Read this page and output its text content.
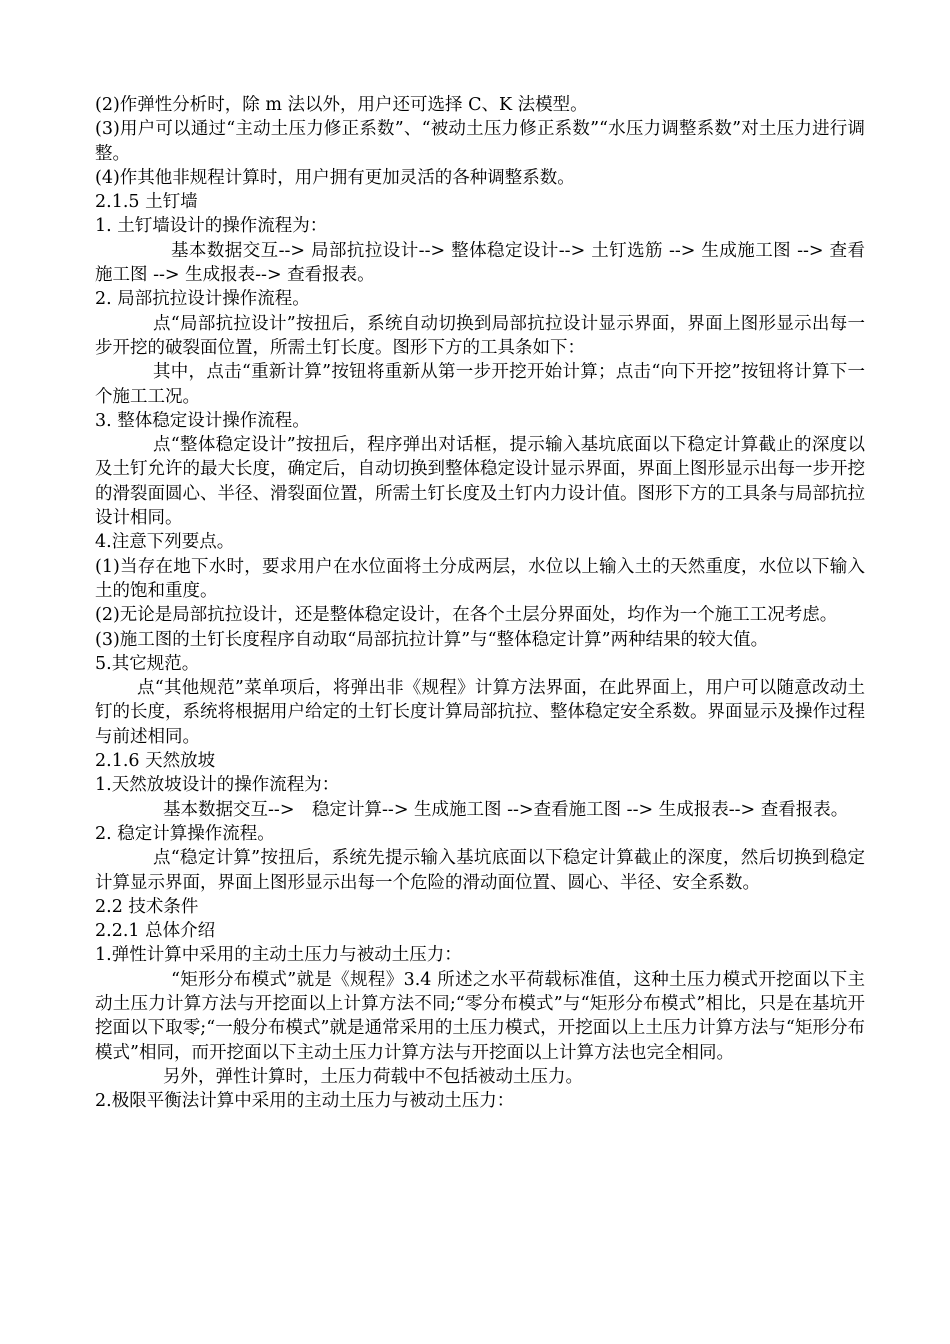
(2)作弹性分析时，除 m 法以外，用户还可选择 C、K 法模型。

(3)用户可以通过“主动土压力修正系数”、“被动土压力修正系数”“水压力调整系数”对土压力进行调整。

(4)作其他非规程计算时，用户拥有更加灵活的各种调整系数。

2.1.5 土钉墙

1. 土钉墙设计的操作流程为：

基本数据交互--> 局部抗拉设计--> 整体稳定设计--> 土钉选筋 --> 生成施工图 --> 查看施工图 --> 生成报表--> 查看报表。

2. 局部抗拉设计操作流程。

点“局部抗拉设计”按扭后，系统自动切换到局部抗拉设计显示界面，界面上图形显示出每一步开挖的破裂面位置，所需土钉长度。图形下方的工具条如下：

其中，点击“重新计算”按钮将重新从第一步开挖开始计算；点击“向下开挖”按钮将计算下一个施工工况。

3. 整体稳定设计操作流程。

点“整体稳定设计”按扭后，程序弹出对话框，提示输入基坑底面以下稳定计算截止的深度以及土钉允许的最大长度，确定后，自动切换到整体稳定设计显示界面，界面上图形显示出每一步开挖的滑裂面圆心、半径、滑裂面位置，所需土钉长度及土钉内力设计值。图形下方的工具条与局部抗拉设计相同。

4.注意下列要点。

(1)当存在地下水时，要求用户在水位面将土分成两层，水位以上输入土的天然重度，水位以下输入土的饱和重度。

(2)无论是局部抗拉设计，还是整体稳定设计，在各个土层分界面处，均作为一个施工工况考虑。

(3)施工图的土钉长度程序自动取“局部抗拉计算”与“整体稳定计算”两种结果的较大值。

5.其它规范。

点“其他规范”菜单项后，将弹出非《规程》计算方法界面，在此界面上，用户可以随意改动土钉的长度，系统将根据用户给定的土钉长度计算局部抗拉、整体稳定安全系数。界面显示及操作过程与前述相同。

2.1.6 天然放坡

1.天然放坡设计的操作流程为：

基本数据交互-->　稳定计算--> 生成施工图 -->查看施工图 --> 生成报表--> 查看报表。

2. 稳定计算操作流程。

点“稳定计算”按扭后，系统先提示输入基坑底面以下稳定计算截止的深度，然后切换到稳定计算显示界面，界面上图形显示出每一个危险的滑动面位置、圆心、半径、安全系数。

2.2 技术条件

2.2.1 总体介绍

1.弹性计算中采用的主动土压力与被动土压力：

“矩形分布模式”就是《规程》3.4 所述之水平荷载标准值，这种土压力模式开挖面以下主动土压力计算方法与开挖面以上计算方法不同;“零分布模式”与“矩形分布模式”相比，只是在基坑开挖面以下取零;“一般分布模式”就是通常采用的土压力模式，开挖面以上土压力计算方法与“矩形分布模式”相同，而开挖面以下主动土压力计算方法与开挖面以上计算方法也完全相同。

另外，弹性计算时，土压力荷载中不包括被动土压力。

2.极限平衡法计算中采用的主动土压力与被动土压力：
